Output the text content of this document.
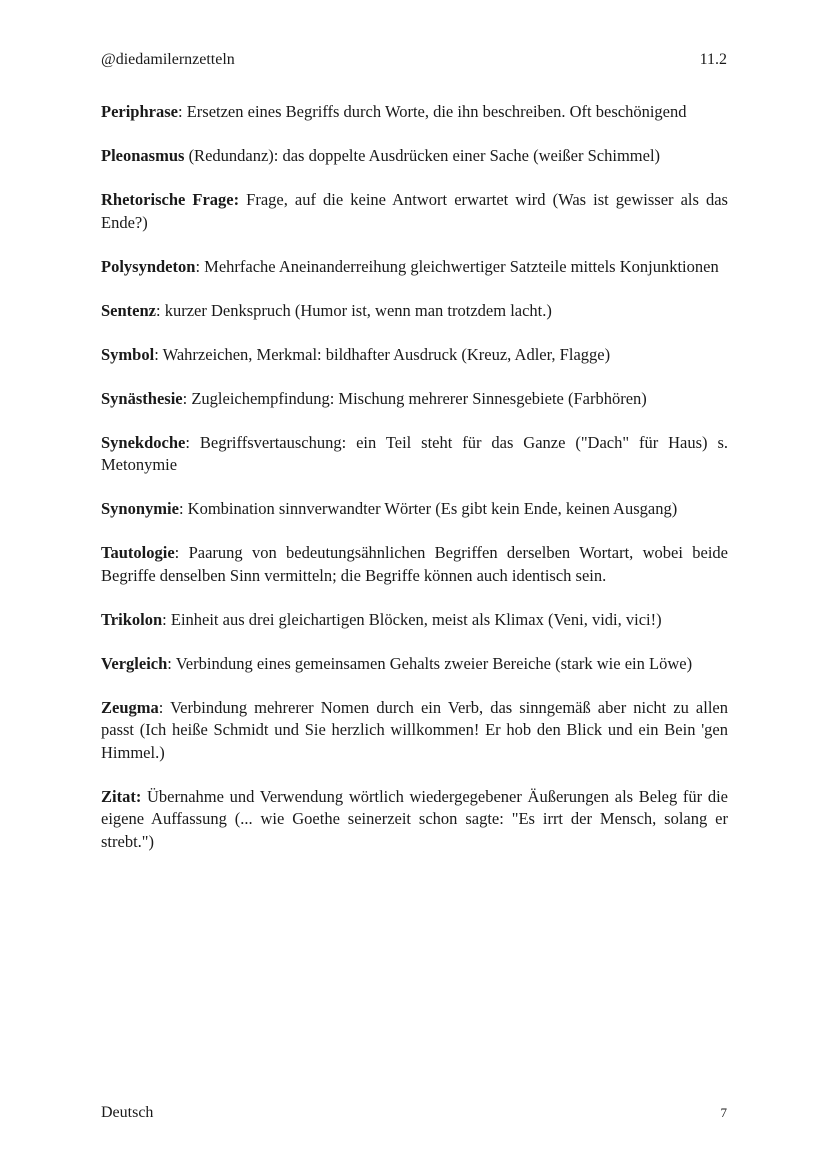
@diedamilernzetteln	11.2

Periphrase: Ersetzen eines Begriffs durch Worte, die ihn beschreiben. Oft beschönigend

Pleonasmus (Redundanz): das doppelte Ausdrücken einer Sache (weißer Schimmel)

Rhetorische Frage: Frage, auf die keine Antwort erwartet wird (Was ist gewisser als das Ende?)

Polysyndeton: Mehrfache Aneinanderreihung gleichwertiger Satzteile mittels Konjunktionen

Sentenz: kurzer Denkspruch (Humor ist, wenn man trotzdem lacht.)

Symbol: Wahrzeichen, Merkmal: bildhafter Ausdruck (Kreuz, Adler, Flagge)

Synästhesie: Zugleichempfindung: Mischung mehrerer Sinnesgebiete (Farbhören)

Synekdoche: Begriffsvertauschung: ein Teil steht für das Ganze ("Dach" für Haus) s. Metonymie

Synonymie: Kombination sinnverwandter Wörter (Es gibt kein Ende, keinen Ausgang)

Tautologie: Paarung von bedeutungsähnlichen Begriffen derselben Wortart, wobei beide Begriffe denselben Sinn vermitteln; die Begriffe können auch identisch sein.

Trikolon: Einheit aus drei gleichartigen Blöcken, meist als Klimax (Veni, vidi, vici!)

Vergleich: Verbindung eines gemeinsamen Gehalts zweier Bereiche (stark wie ein Löwe)

Zeugma: Verbindung mehrerer Nomen durch ein Verb, das sinngemäß aber nicht zu allen passt (Ich heiße Schmidt und Sie herzlich willkommen! Er hob den Blick und ein Bein 'gen Himmel.)

Zitat: Übernahme und Verwendung wörtlich wiedergegebener Äußerungen als Beleg für die eigene Auffassung (... wie Goethe seinerzeit schon sagte: "Es irrt der Mensch, solang er strebt.")

Deutsch	7
